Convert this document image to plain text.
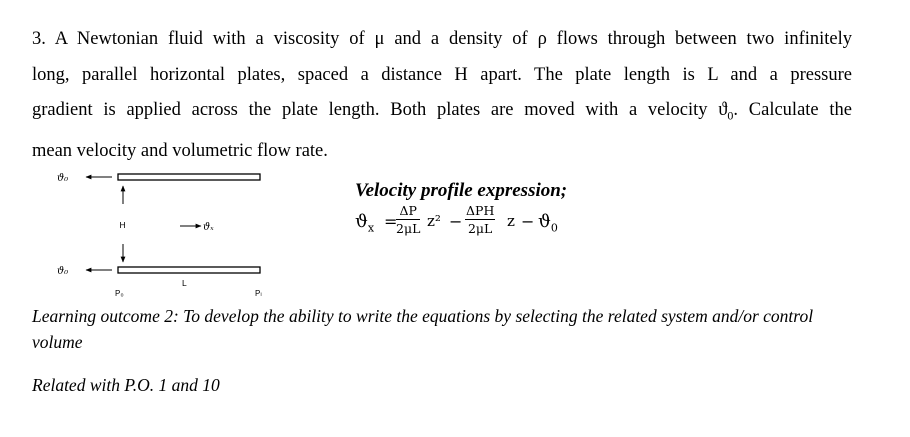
3. A Newtonian fluid with a viscosity of μ and a density of ρ flows through between two infinitely
long, parallel horizontal plates, spaced a distance H apart. The plate length is L and a pressure
gradient is applied across the plate length. Both plates are moved with a velocity $ϑ_0$. Calculate the
mean velocity and volumetric flow rate.
ϑ₀
ϑ₀
H	ϑₓ
P₀
L
Pₗ
Velocity profile expression;
$ϑ_x$ =
$\frac{\Delta P}{2\mu L} z^2$ −
ΔPH
2μL $z - ϑ_0$

Learning outcome 2: To develop the ability to write the equations by selecting the related system and/or control volume

Related with P.O. 1 and 10
